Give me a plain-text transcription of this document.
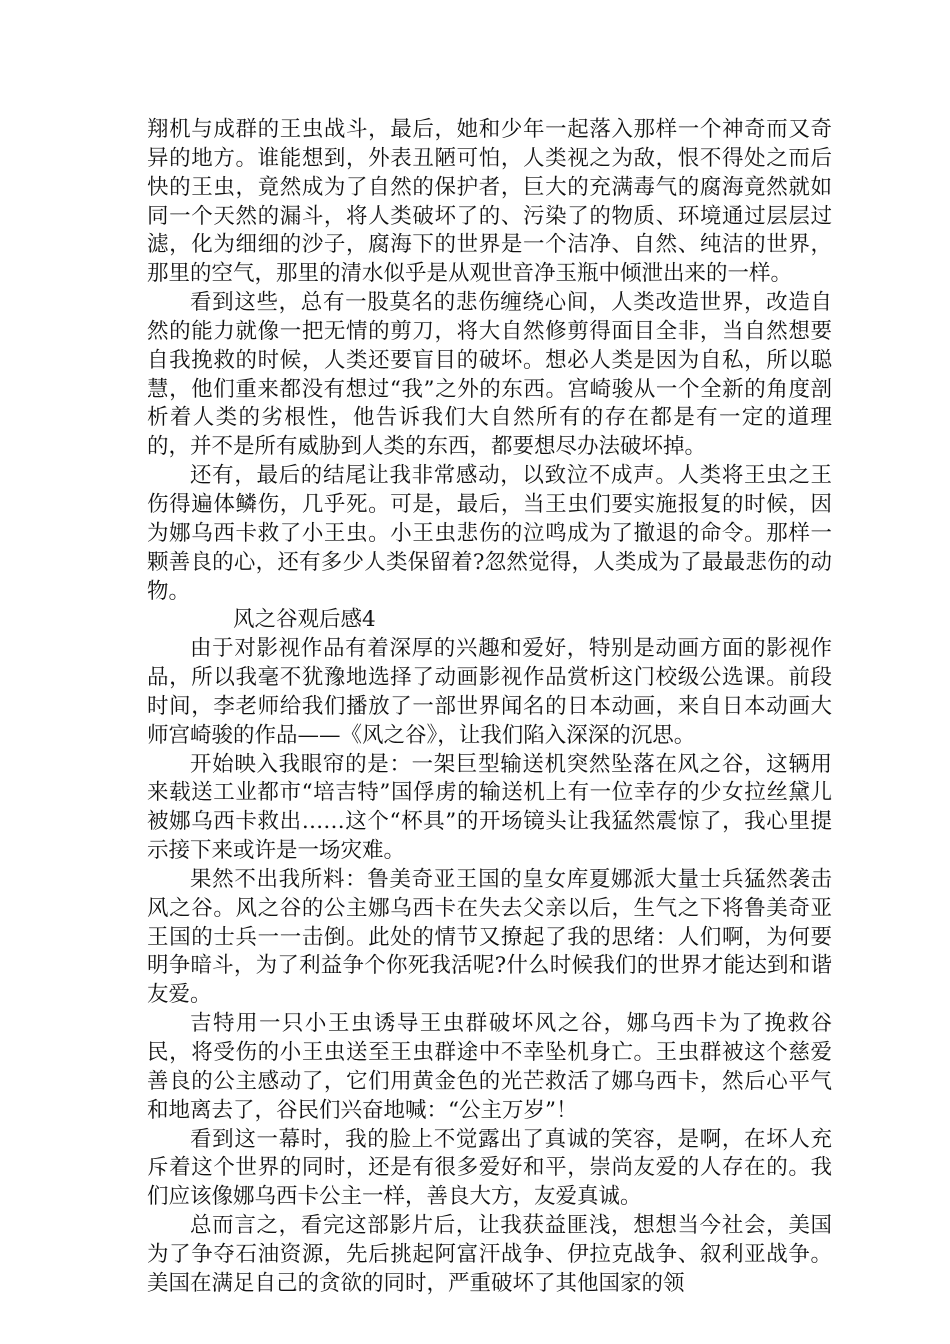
翔机与成群的王虫战斗，最后，她和少年一起落入那样一个神奇而又奇异的地方。谁能想到，外表丑陋可怕，人类视之为敌，恨不得处之而后快的王虫，竟然成为了自然的保护者，巨大的充满毒气的腐海竟然就如同一个天然的漏斗，将人类破坏了的、污染了的物质、环境通过层层过滤，化为细细的沙子，腐海下的世界是一个洁净、自然、纯洁的世界，那里的空气，那里的清水似乎是从观世音净玉瓶中倾泄出来的一样。

看到这些，总有一股莫名的悲伤缠绕心间，人类改造世界，改造自然的能力就像一把无情的剪刀，将大自然修剪得面目全非，当自然想要自我挽救的时候，人类还要盲目的破坏。想必人类是因为自私，所以聪慧，他们重来都没有想过“我”之外的东西。宫崎骏从一个全新的角度剖析着人类的劣根性，他告诉我们大自然所有的存在都是有一定的道理的，并不是所有威胁到人类的东西，都要想尽办法破坏掉。

还有，最后的结尾让我非常感动，以致泣不成声。人类将王虫之王伤得遍体鳞伤，几乎死。可是，最后，当王虫们要实施报复的时候，因为娜乌西卡救了小王虫。小王虫悲伤的泣鸣成为了撤退的命令。那样一颗善良的心，还有多少人类保留着?忽然觉得，人类成为了最最悲伤的动物。

风之谷观后感4

由于对影视作品有着深厚的兴趣和爱好，特别是动画方面的影视作品，所以我毫不犹豫地选择了动画影视作品赏析这门校级公选课。前段时间，李老师给我们播放了一部世界闻名的日本动画，来自日本动画大师宫崎骏的作品——《风之谷》，让我们陷入深深的沉思。

开始映入我眼帘的是：一架巨型输送机突然坠落在风之谷，这辆用来载送工业都市“培吉特”国俘虏的输送机上有一位幸存的少女拉丝黛儿被娜乌西卡救出……这个“杯具”的开场镜头让我猛然震惊了，我心里提示接下来或许是一场灾难。

果然不出我所料：鲁美奇亚王国的皇女库夏娜派大量士兵猛然袭击风之谷。风之谷的公主娜乌西卡在失去父亲以后，生气之下将鲁美奇亚王国的士兵一一击倒。此处的情节又撩起了我的思绪：人们啊，为何要明争暗斗，为了利益争个你死我活呢?什么时候我们的世界才能达到和谐友爱。

吉特用一只小王虫诱导王虫群破坏风之谷，娜乌西卡为了挽救谷民，将受伤的小王虫送至王虫群途中不幸坠机身亡。王虫群被这个慈爱善良的公主感动了，它们用黄金色的光芒救活了娜乌西卡，然后心平气和地离去了，谷民们兴奋地喊：“公主万岁”！

看到这一幕时，我的脸上不觉露出了真诚的笑容，是啊，在坏人充斥着这个世界的同时，还是有很多爱好和平，崇尚友爱的人存在的。我们应该像娜乌西卡公主一样，善良大方，友爱真诚。

总而言之，看完这部影片后，让我获益匪浅，想想当今社会，美国为了争夺石油资源，先后挑起阿富汗战争、伊拉克战争、叙利亚战争。美国在满足自己的贪欲的同时，严重破坏了其他国家的领
